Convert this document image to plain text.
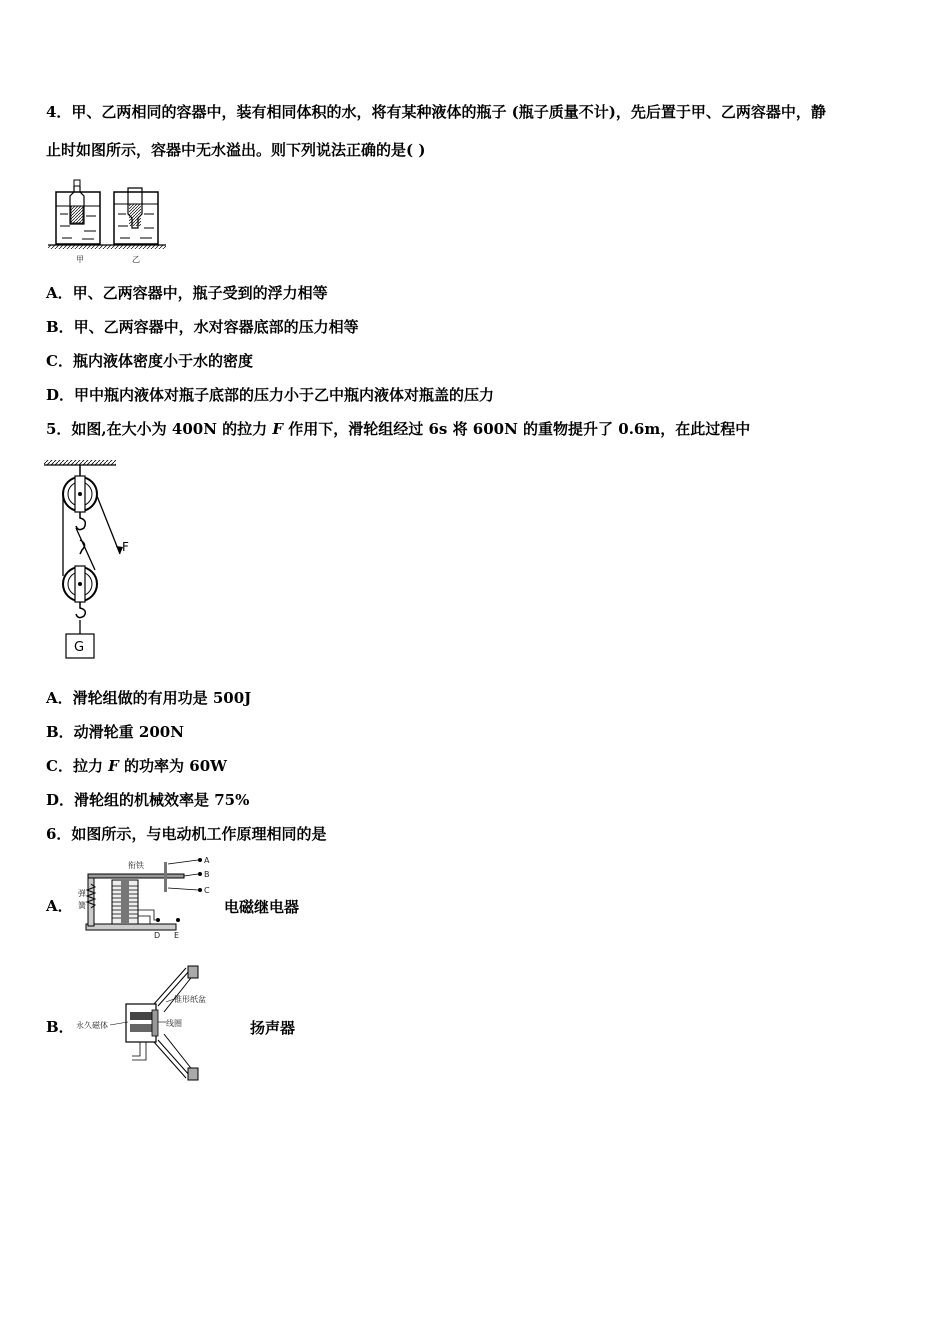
4．甲、乙两相同的容器中，装有相同体积的水，将有某种液体的瓶子 (瓶子质量不计)，先后置于甲、乙两容器中，静
止时如图所示，容器中无水溢出。则下列说法正确的是( )
甲	乙
A．甲、乙两容器中，瓶子受到的浮力相等
B．甲、乙两容器中，水对容器底部的压力相等
C．瓶内液体密度小于水的密度
D．甲中瓶内液体对瓶子底部的压力小于乙中瓶内液体对瓶盖的压力
5．如图,在大小为 400N 的拉力 F 作用下，滑轮组经过 6s 将 600N 的重物提升了 0.6m，在此过程中
F
G
A．滑轮组做的有用功是 500J
B．动滑轮重 200N
C．拉力 F 的功率为 60W
D．滑轮组的机械效率是 75%
6．如图所示，与电动机工作原理相同的是
A．
弹
簧
衔铁
A
B
C
D E
电磁继电器
B． 永久磁体	线圈
锥形纸盆
扬声器
